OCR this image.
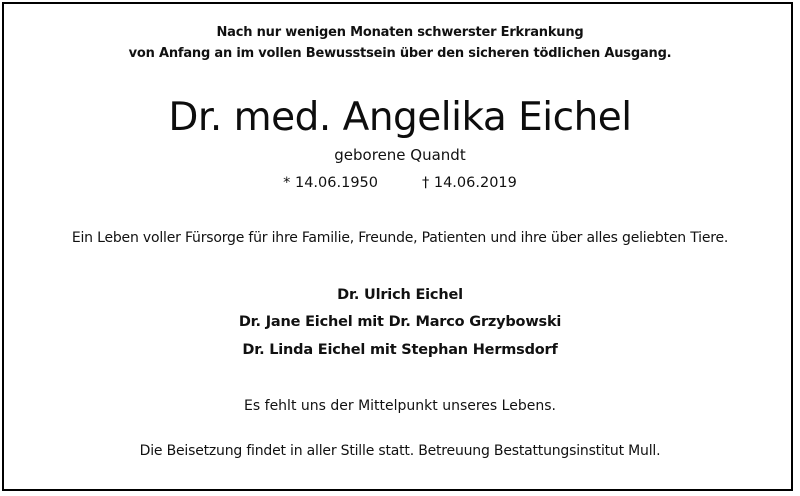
Nach nur wenigen Monaten schwerster Erkrankung
von Anfang an im vollen Bewusstsein über den sicheren tödlichen Ausgang.
Dr. med. Angelika Eichel
geborene Quandt
* 14.06.1950	† 14.06.2019
Ein Leben voller Fürsorge für ihre Familie, Freunde, Patienten und ihre über alles geliebten Tiere.
Dr. Ulrich Eichel
Dr. Jane Eichel mit Dr. Marco Grzybowski
Dr. Linda Eichel mit Stephan Hermsdorf
Es fehlt uns der Mittelpunkt unseres Lebens.
Die Beisetzung findet in aller Stille statt. Betreuung Bestattungsinstitut Mull.
